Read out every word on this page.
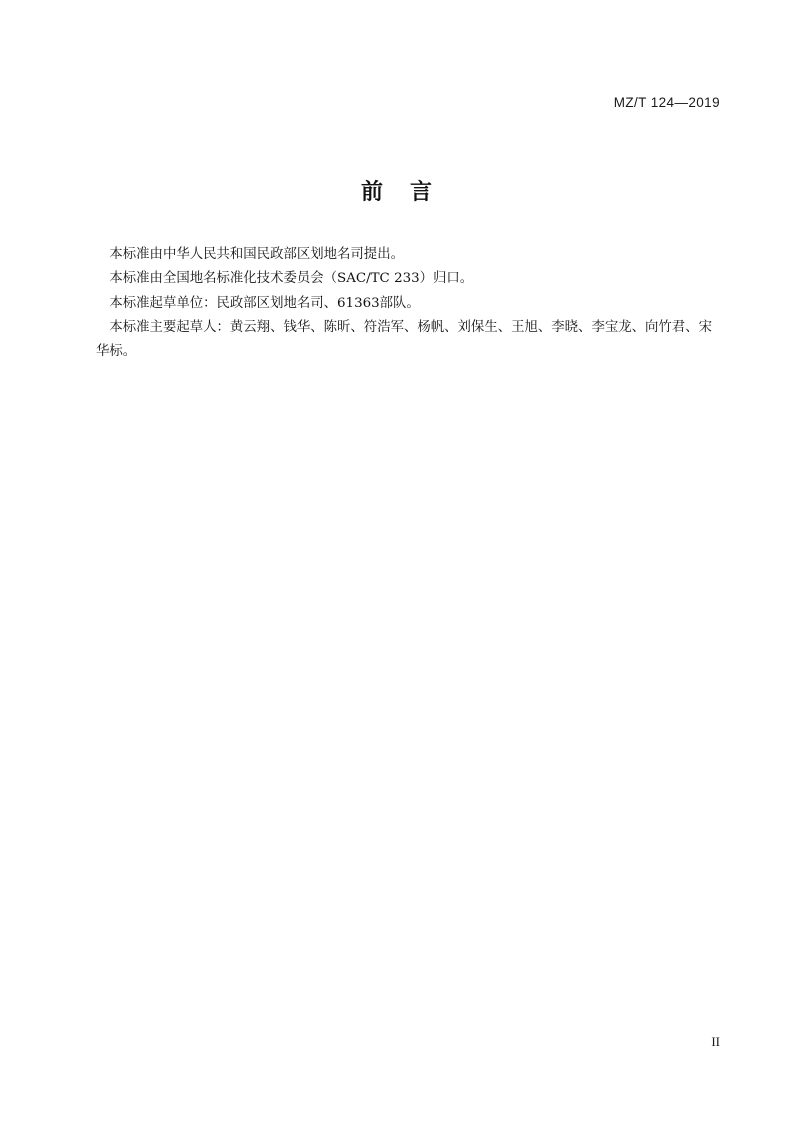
MZ/T 124—2019
前 言

本标准由中华人民共和国民政部区划地名司提出。

本标准由全国地名标准化技术委员会（SAC/TC 233）归口。

本标准起草单位：民政部区划地名司、61363部队。

本标准主要起草人：黄云翔、钱华、陈昕、符浩军、杨帆、刘保生、王旭、李晓、李宝龙、向竹君、宋华标。

II
